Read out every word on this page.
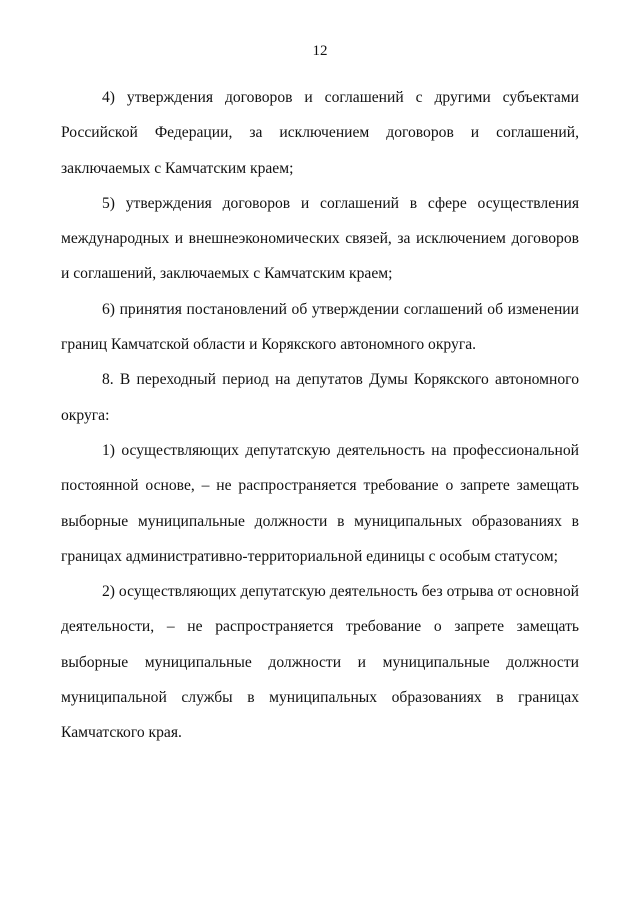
12

4) утверждения договоров и соглашений с другими субъектами Российской Федерации, за исключением договоров и соглашений, заключаемых с Камчатским краем;

5) утверждения договоров и соглашений в сфере осуществления международных и внешнеэкономических связей, за исключением договоров и соглашений, заключаемых с Камчатским краем;

6) принятия постановлений об утверждении соглашений об изменении границ Камчатской области и Корякского автономного округа.

8. В переходный период на депутатов Думы Корякского автономного округа:

1) осуществляющих депутатскую деятельность на профессиональной постоянной основе, – не распространяется требование о запрете замещать выборные муниципальные должности в муниципальных образованиях в границах административно-территориальной единицы с особым статусом;

2) осуществляющих депутатскую деятельность без отрыва от основной деятельности, – не распространяется требование о запрете замещать выборные муниципальные должности и муниципальные должности муниципальной службы в муниципальных образованиях в границах Камчатского края.
